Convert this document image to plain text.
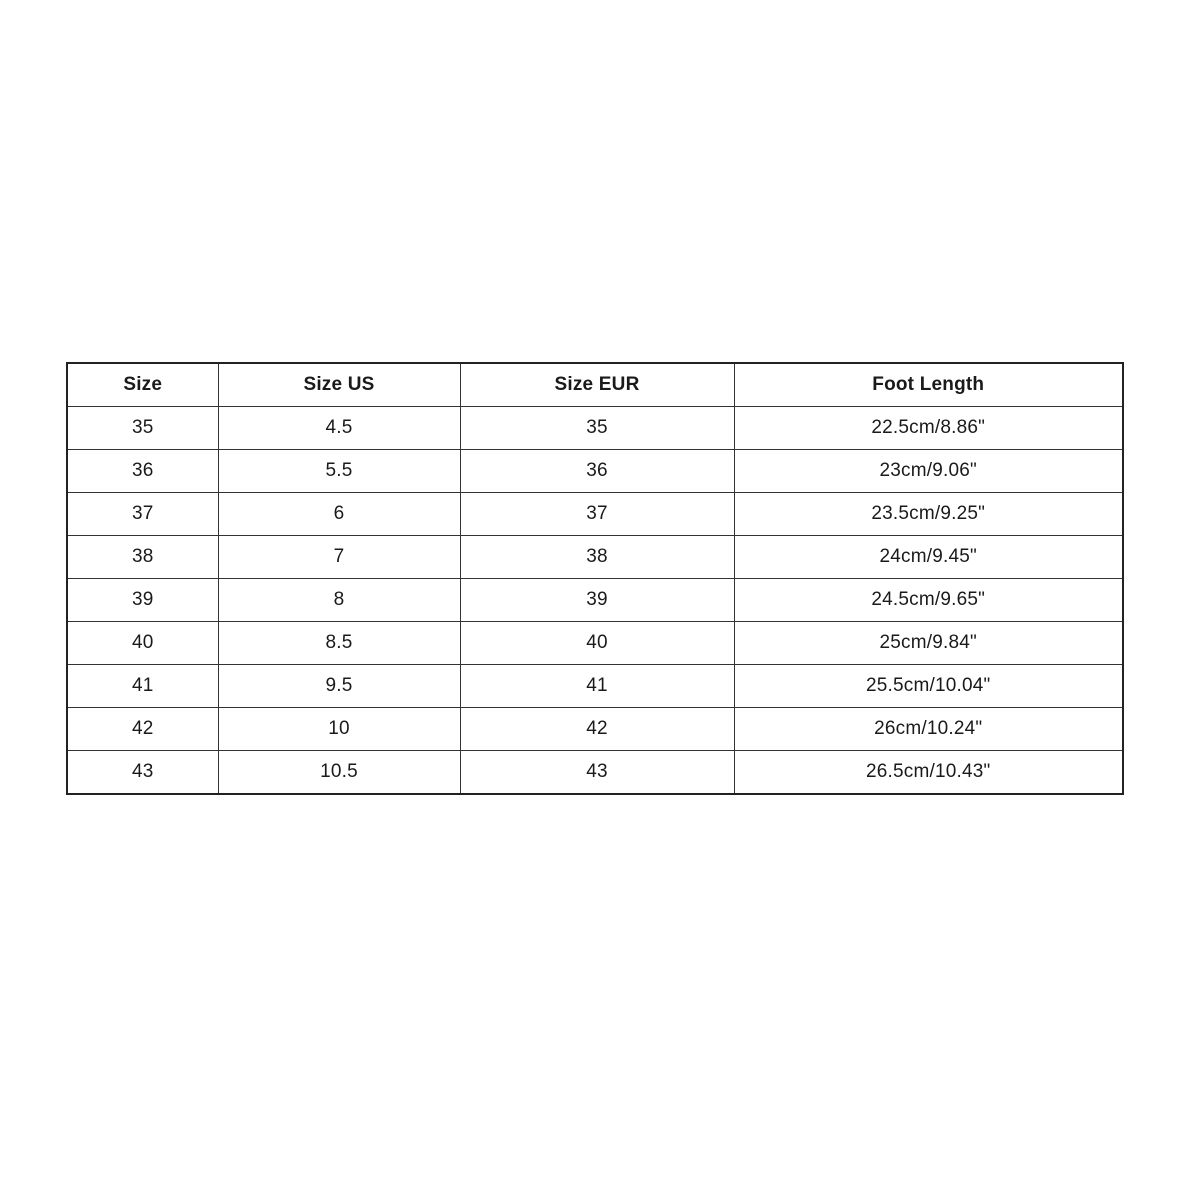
Size	Size US	Size EUR	Foot Length
35	4.5	35	22.5cm/8.86"
36	5.5	36	23cm/9.06"
37	6	37	23.5cm/9.25"
38	7	38	24cm/9.45"
39	8	39	24.5cm/9.65"
40	8.5	40	25cm/9.84"
41	9.5	41	25.5cm/10.04"
42	10	42	26cm/10.24"
43	10.5	43	26.5cm/10.43"
